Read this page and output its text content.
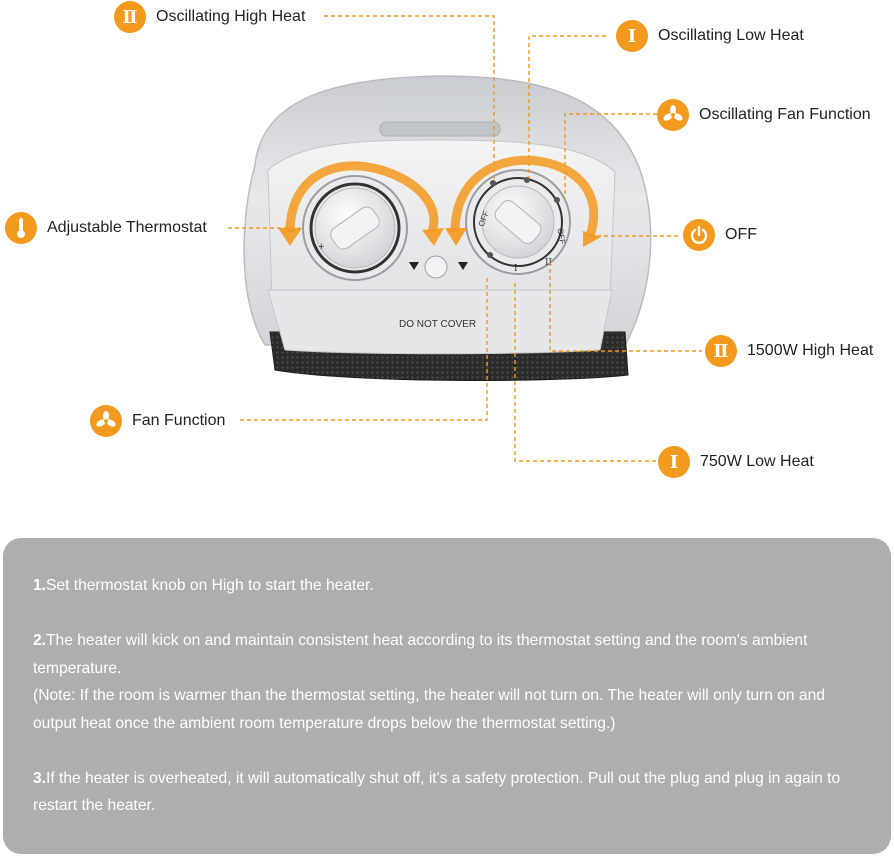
+
-
OFF
OFF
II
I
DO NOT COVER
Ⅱ	Oscillating High Heat
Ⅰ	Oscillating Low Heat
Oscillating Fan Function
Adjustable Thermostat	OFF
Ⅱ	1500W High Heat
Fan Function
Ⅰ	750W Low Heat

1.Set thermostat knob on High to start the heater.

2.The heater will kick on and maintain consistent heat according to its thermostat setting and the room's ambient temperature.
(Note: If the room is warmer than the thermostat setting, the heater will not turn on. The heater will only turn on and output heat once the ambient room temperature drops below the thermostat setting.)

3.If the heater is overheated, it will automatically shut off, it's a safety protection. Pull out the plug and plug in again to restart the heater.
